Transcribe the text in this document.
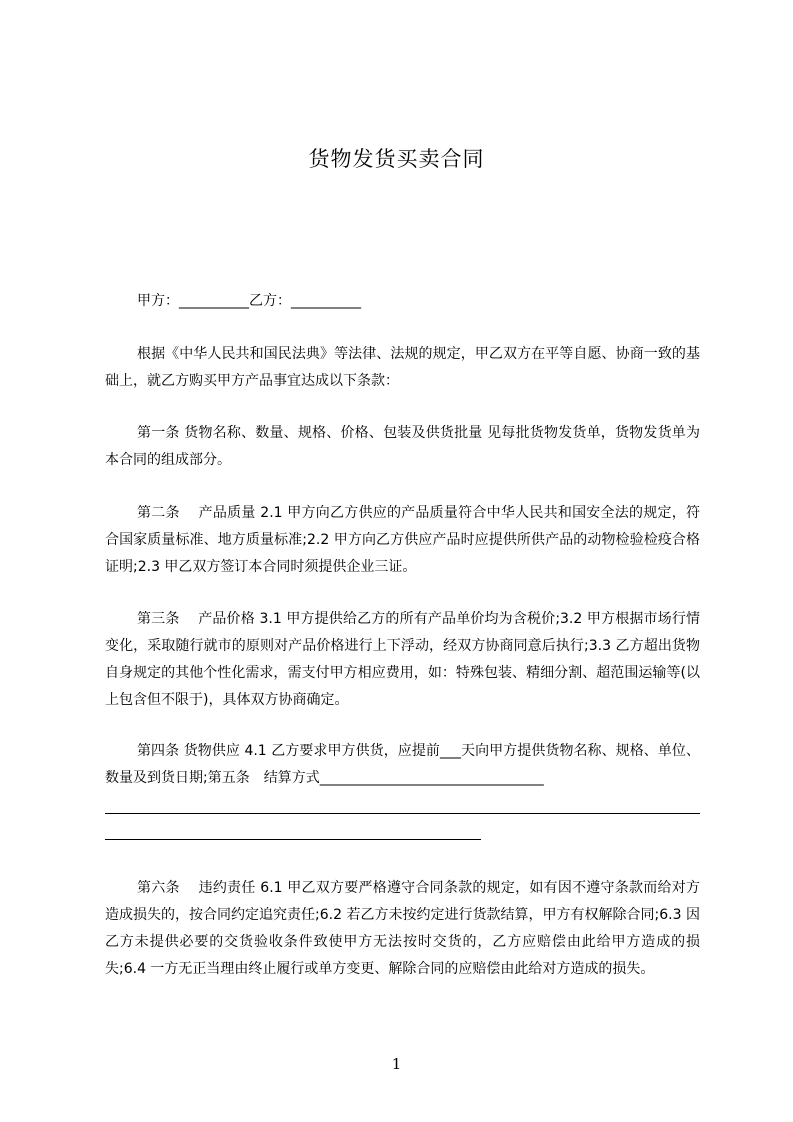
货物发货买卖合同
甲方：__________乙方：__________
根据《中华人民共和国民法典》等法律、法规的规定，甲乙双方在平等自愿、协商一致的基础上，就乙方购买甲方产品事宜达成以下条款：
第一条 货物名称、数量、规格、价格、包装及供货批量 见每批货物发货单，货物发货单为本合同的组成部分。
第二条　 产品质量 2.1 甲方向乙方供应的产品质量符合中华人民共和国安全法的规定，符合国家质量标准、地方质量标准;2.2 甲方向乙方供应产品时应提供所供产品的动物检验检疫合格证明;2.3 甲乙双方签订本合同时须提供企业三证。
第三条　 产品价格 3.1 甲方提供给乙方的所有产品单价均为含税价;3.2 甲方根据市场行情变化，采取随行就市的原则对产品价格进行上下浮动，经双方协商同意后执行;3.3 乙方超出货物自身规定的其他个性化需求，需支付甲方相应费用，如：特殊包装、精细分割、超范围运输等(以上包含但不限于)，具体双方协商确定。
第四条 货物供应 4.1 乙方要求甲方供货，应提前___天向甲方提供货物名称、规格、单位、数量及到货日期;第五条　结算方式________________________________
第六条　 违约责任 6.1 甲乙双方要严格遵守合同条款的规定，如有因不遵守条款而给对方造成损失的，按合同约定追究责任;6.2 若乙方未按约定进行货款结算，甲方有权解除合同;6.3 因乙方未提供必要的交货验收条件致使甲方无法按时交货的，乙方应赔偿由此给甲方造成的损失;6.4 一方无正当理由终止履行或单方变更、解除合同的应赔偿由此给对方造成的损失。
1
